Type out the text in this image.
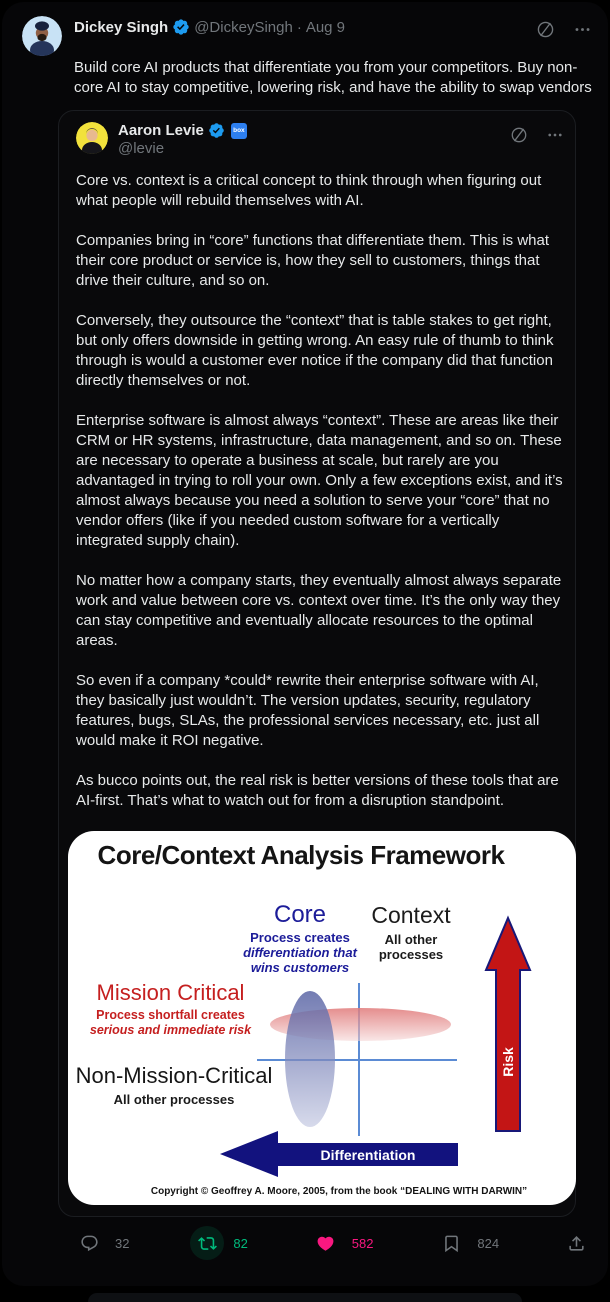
Dickey Singh @DickeySingh · Aug 9
Build core AI products that differentiate you from your competitors. Buy non-core AI to stay competitive, lowering risk, and have the ability to swap vendors
Aaron Levie	box
@levie

Core vs. context is a critical concept to think through when figuring out what people will rebuild themselves with AI.

Companies bring in “core” functions that differentiate them. This is what their core product or service is, how they sell to customers, things that drive their culture, and so on.

Conversely, they outsource the “context” that is table stakes to get right, but only offers downside in getting wrong. An easy rule of thumb to think through is would a customer ever notice if the company did that function directly themselves or not.

Enterprise software is almost always “context”. These are areas like their CRM or HR systems, infrastructure, data management, and so on. These are necessary to operate a business at scale, but rarely are you advantaged in trying to roll your own. Only a few exceptions exist, and it’s almost always because you need a solution to serve your “core” that no vendor offers (like if you needed custom software for a vertically integrated supply chain).

No matter how a company starts, they eventually almost always separate work and value between core vs. context over time. It’s the only way they can stay competitive and eventually allocate resources to the optimal areas.

So even if a company *could* rewrite their enterprise software with AI, they basically just wouldn’t. The version updates, security, regulatory features, bugs, SLAs, the professional services necessary, etc. just all would make it ROI negative.

As bucco points out, the real risk is better versions of these tools that are AI-first. That’s what to watch out for from a disruption standpoint.

Core/Context Analysis Framework
Core
Process creates
differentiation that
wins customers
Context
All other
processes
Mission Critical
Process shortfall creates
serious and immediate risk
Non-Mission-Critical
All other processes
Risk
Differentiation
Copyright © Geoffrey A. Moore, 2005, from the book “DEALING WITH DARWIN”
32	82	582	824
